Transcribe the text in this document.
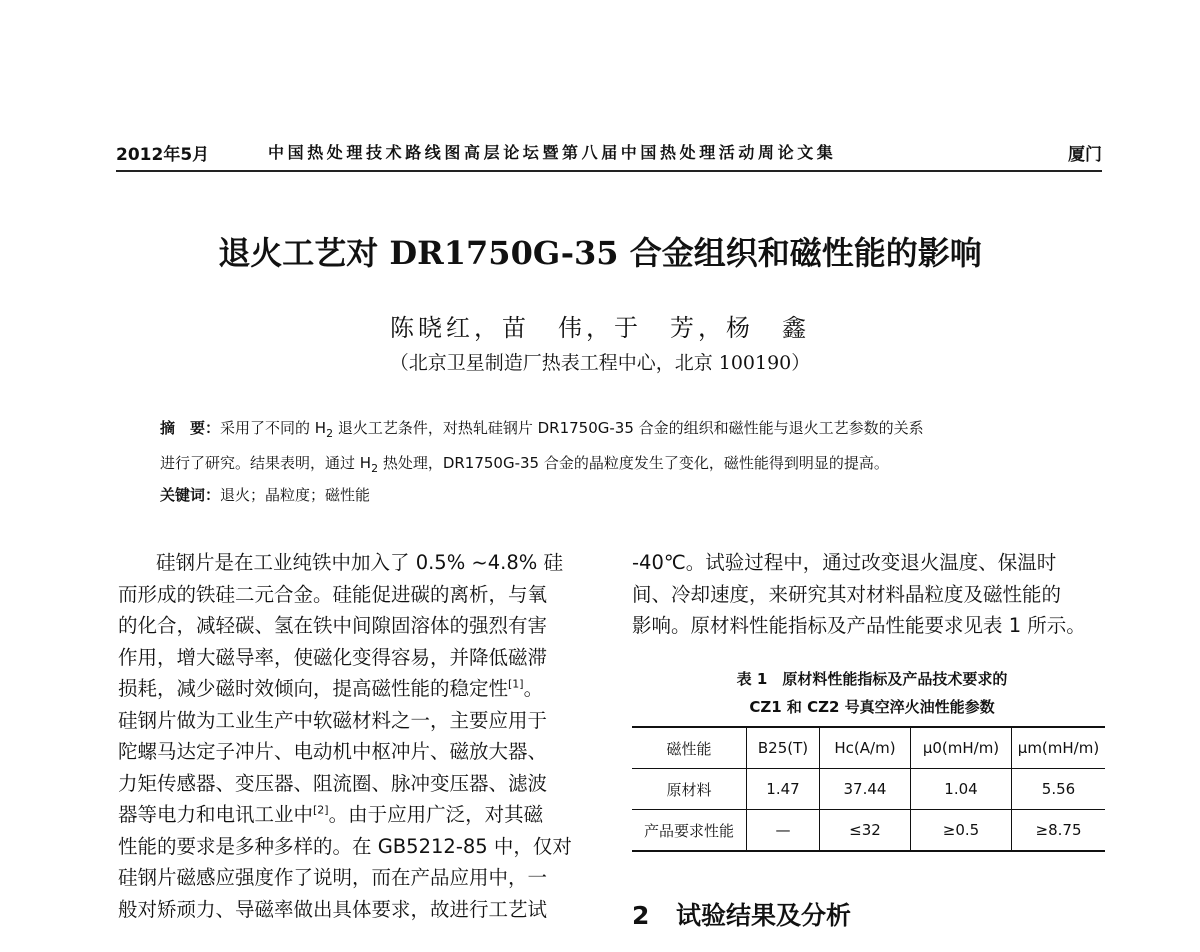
2012年5月	中国热处理技术路线图高层论坛暨第八届中国热处理活动周论文集	厦门
退火工艺对 DR1750G-35 合金组织和磁性能的影响
陈晓红，苗　伟，于　芳，杨　鑫
（北京卫星制造厂热表工程中心，北京 100190）
摘　要：采用了不同的 $H_2$ 退火工艺条件，对热轧硅钢片 DR1750G-35 合金的组织和磁性能与退火工艺参数的关系
进行了研究。结果表明，通过 $H_2$ 热处理，DR1750G-35 合金的晶粒度发生了变化，磁性能得到明显的提高。
关键词：退火；晶粒度；磁性能
硅钢片是在工业纯铁中加入了 0.5% ~4.8% 硅
而形成的铁硅二元合金。硅能促进碳的离析，与氧
的化合，减轻碳、氢在铁中间隙固溶体的强烈有害
作用，增大磁导率，使磁化变得容易，并降低磁滞
损耗，减少磁时效倾向，提高磁性能的稳定性[1]。
硅钢片做为工业生产中软磁材料之一，主要应用于
陀螺马达定子冲片、电动机中枢冲片、磁放大器、
力矩传感器、变压器、阻流圈、脉冲变压器、滤波
器等电力和电讯工业中[2]。由于应用广泛，对其磁
性能的要求是多种多样的。在 GB5212-85 中，仅对
硅钢片磁感应强度作了说明，而在产品应用中，一
般对矫顽力、导磁率做出具体要求，故进行工艺试
-40℃。试验过程中，通过改变退火温度、保温时
间、冷却速度，来研究其对材料晶粒度及磁性能的
影响。原材料性能指标及产品性能要求见表 1 所示。
表 1　原材料性能指标及产品技术要求的
CZ1 和 CZ2 号真空淬火油性能参数
磁性能	B25(T)	Hc(A/m)	μ0(mH/m)	μm(mH/m)
原材料	1.47	37.44	1.04	5.56
产品要求性能	—	≤32	≥0.5	≥8.75
2 试验结果及分析
